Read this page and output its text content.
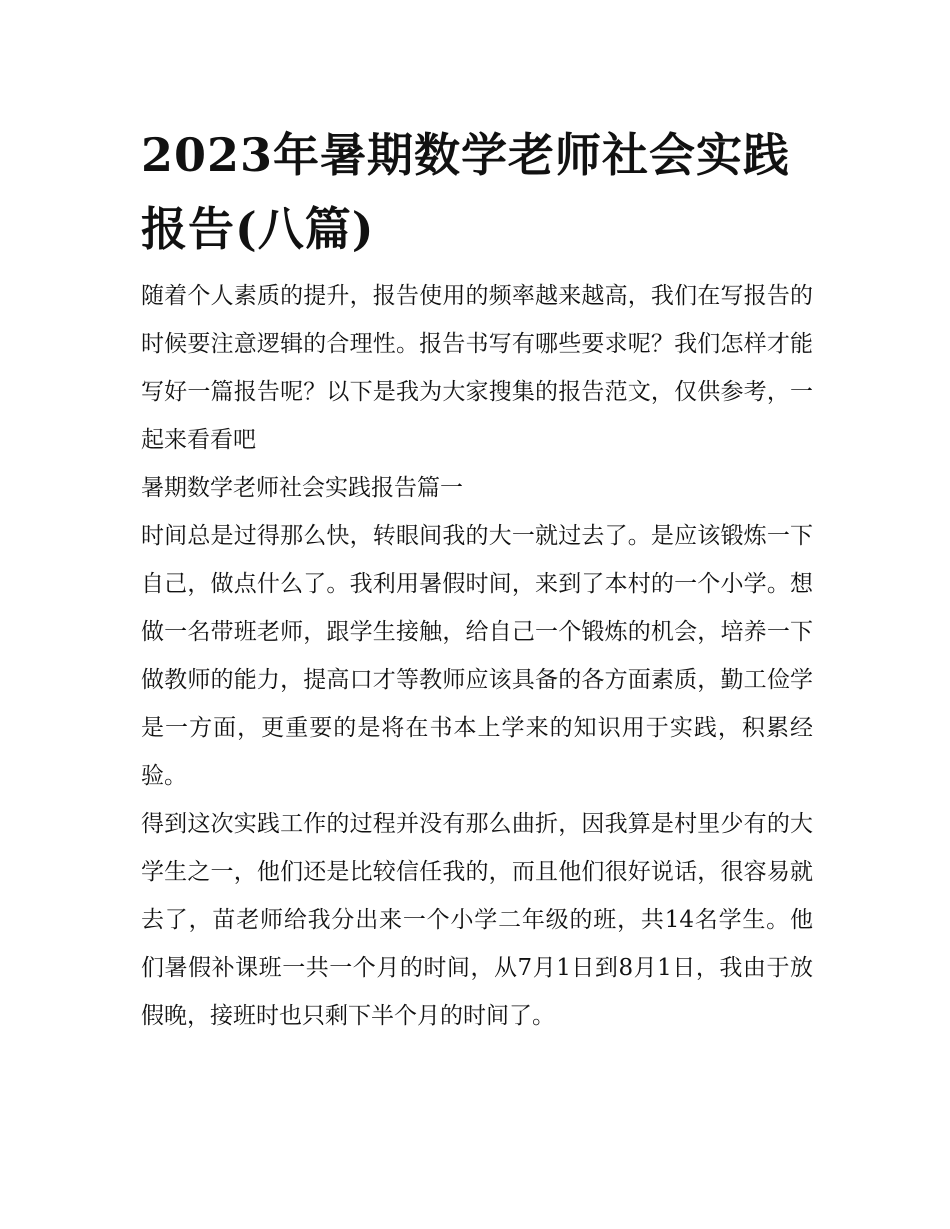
2023年暑期数学老师社会实践报告(八篇)

随着个人素质的提升，报告使用的频率越来越高，我们在写报告的时候要注意逻辑的合理性。报告书写有哪些要求呢？我们怎样才能写好一篇报告呢？以下是我为大家搜集的报告范文，仅供参考，一起来看看吧

暑期数学老师社会实践报告篇一

时间总是过得那么快，转眼间我的大一就过去了。是应该锻炼一下自己，做点什么了。我利用暑假时间，来到了本村的一个小学。想做一名带班老师，跟学生接触，给自己一个锻炼的机会，培养一下做教师的能力，提高口才等教师应该具备的各方面素质，勤工俭学是一方面，更重要的是将在书本上学来的知识用于实践，积累经验。

得到这次实践工作的过程并没有那么曲折，因我算是村里少有的大学生之一，他们还是比较信任我的，而且他们很好说话，很容易就去了，苗老师给我分出来一个小学二年级的班，共14名学生。他们暑假补课班一共一个月的时间，从7月1日到8月1日，我由于放假晚，接班时也只剩下半个月的时间了。
